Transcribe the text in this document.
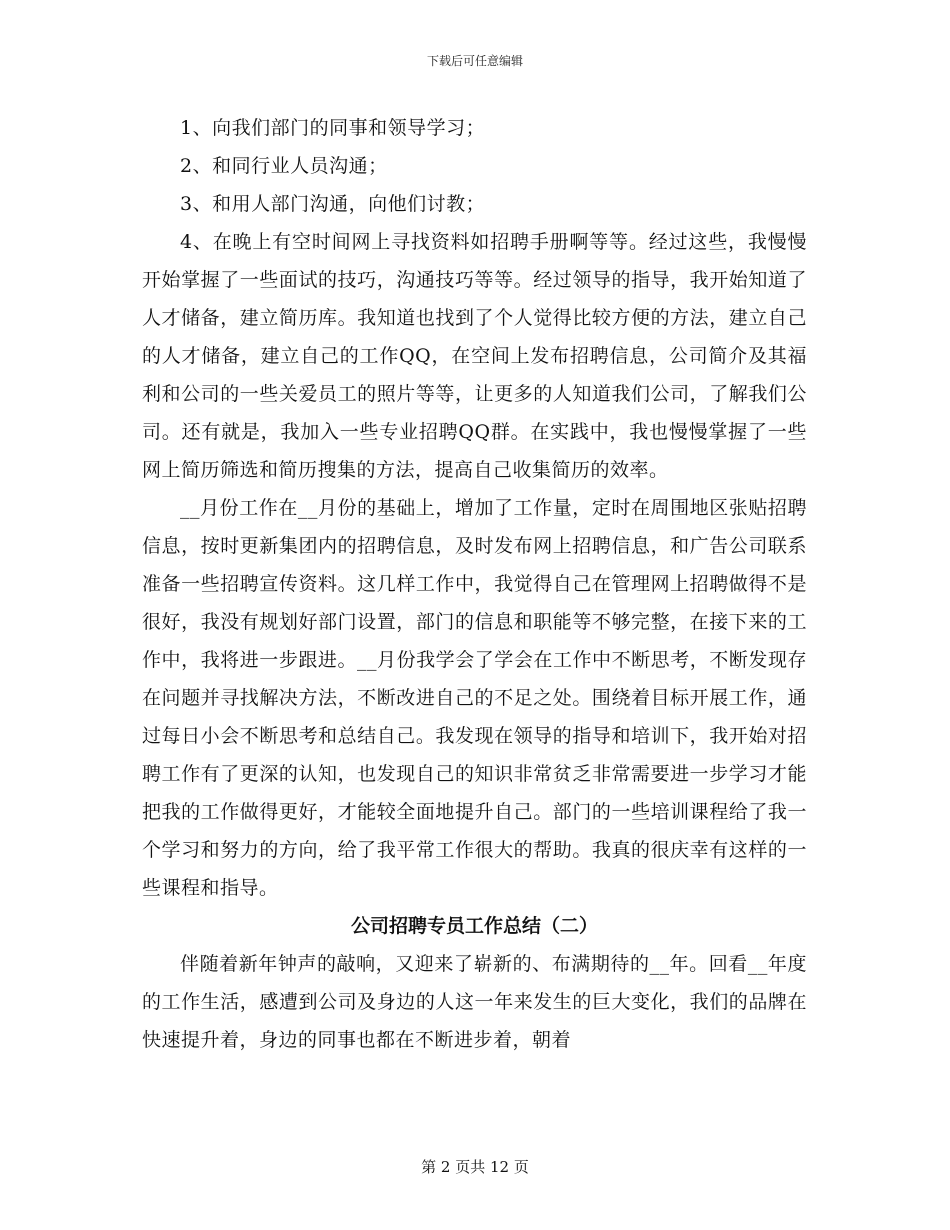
下载后可任意编辑

1、向我们部门的同事和领导学习；

2、和同行业人员沟通；

3、和用人部门沟通，向他们讨教；

4、在晚上有空时间网上寻找资料如招聘手册啊等等。经过这些，我慢慢开始掌握了一些面试的技巧，沟通技巧等等。经过领导的指导，我开始知道了人才储备，建立简历库。我知道也找到了个人觉得比较方便的方法，建立自己的人才储备，建立自己的工作QQ，在空间上发布招聘信息，公司简介及其福利和公司的一些关爱员工的照片等等，让更多的人知道我们公司，了解我们公司。还有就是，我加入一些专业招聘QQ群。在实践中，我也慢慢掌握了一些网上简历筛选和简历搜集的方法，提高自己收集简历的效率。

__月份工作在__月份的基础上，增加了工作量，定时在周围地区张贴招聘信息，按时更新集团内的招聘信息，及时发布网上招聘信息，和广告公司联系准备一些招聘宣传资料。这几样工作中，我觉得自己在管理网上招聘做得不是很好，我没有规划好部门设置，部门的信息和职能等不够完整，在接下来的工作中，我将进一步跟进。__月份我学会了学会在工作中不断思考，不断发现存在问题并寻找解决方法，不断改进自己的不足之处。围绕着目标开展工作，通过每日小会不断思考和总结自己。我发现在领导的指导和培训下，我开始对招聘工作有了更深的认知，也发现自己的知识非常贫乏非常需要进一步学习才能把我的工作做得更好，才能较全面地提升自己。部门的一些培训课程给了我一个学习和努力的方向，给了我平常工作很大的帮助。我真的很庆幸有这样的一些课程和指导。

公司招聘专员工作总结（二）

伴随着新年钟声的敲响，又迎来了崭新的、布满期待的__年。回看__年度的工作生活，感遭到公司及身边的人这一年来发生的巨大变化，我们的品牌在快速提升着，身边的同事也都在不断进步着，朝着

第 2 页共 12 页
